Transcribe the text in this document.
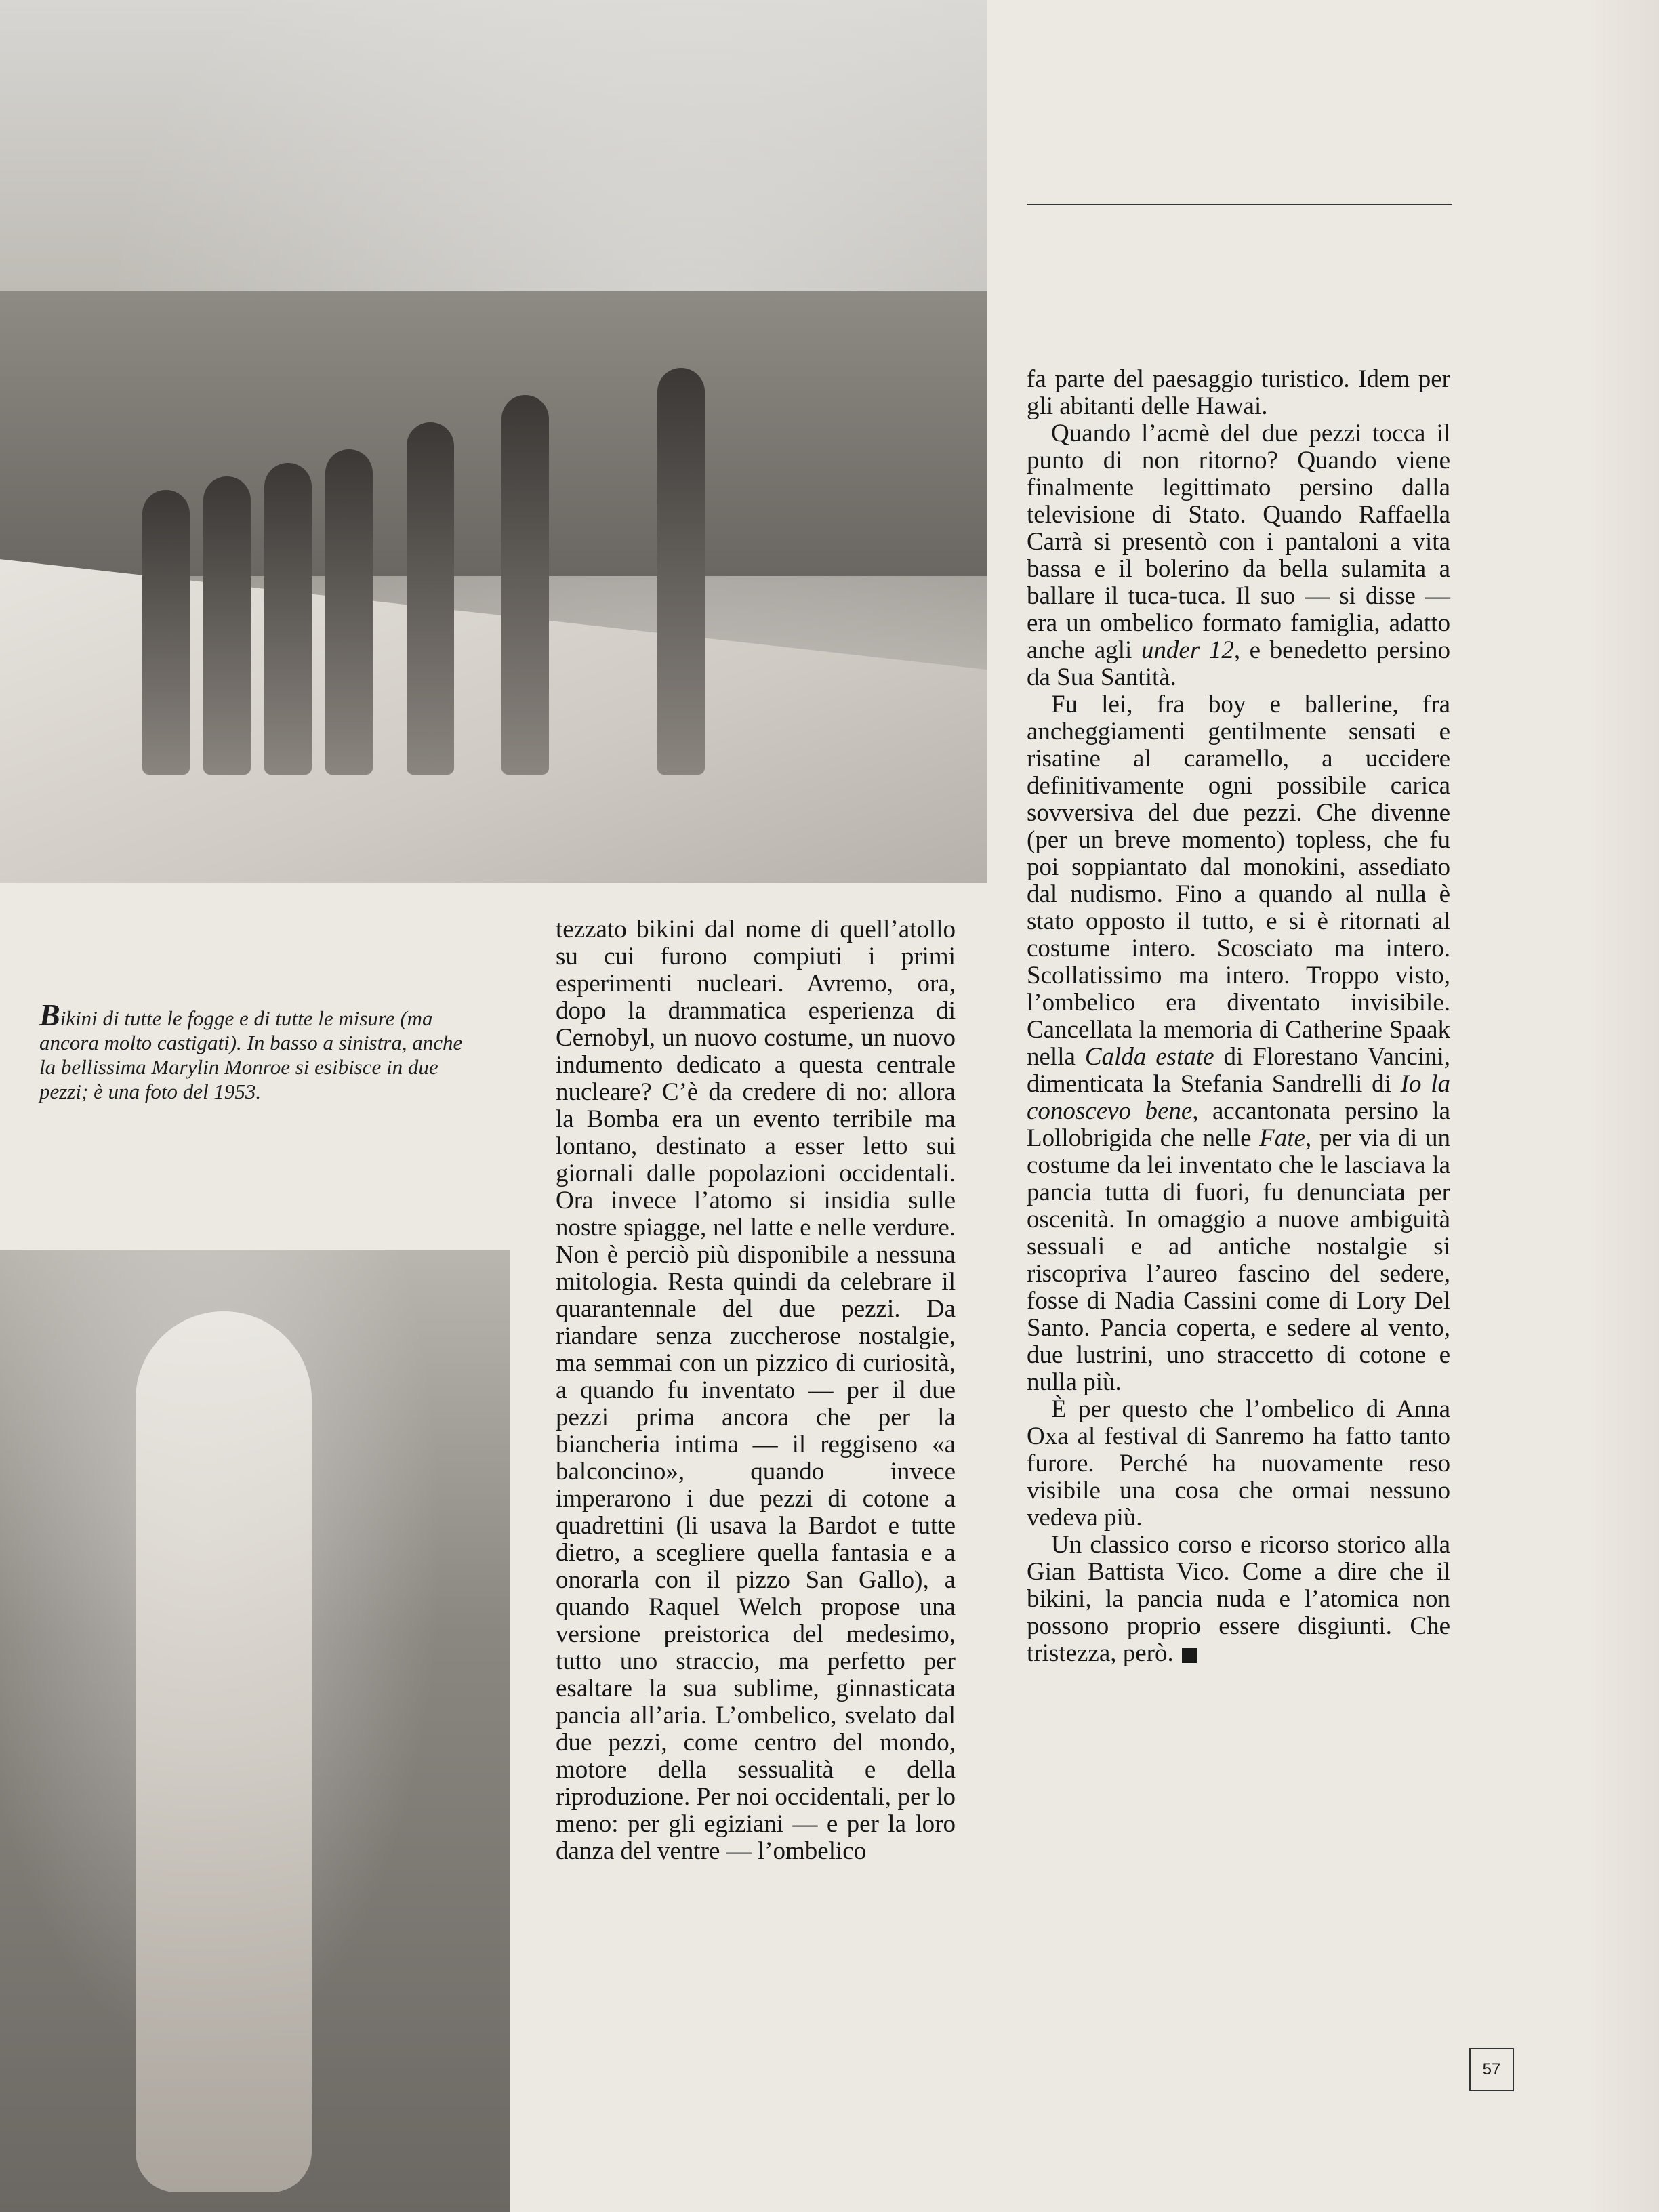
Bikini di tutte le fogge e di tutte le misure (ma ancora molto castigati). In basso a sinistra, anche la bellissima Marylin Monroe si esibisce in due pezzi; è una foto del 1953.

tezzato bikini dal nome di quell’atollo su cui furono compiuti i primi esperimenti nucleari. Avremo, ora, dopo la drammatica esperienza di Cernobyl, un nuovo costume, un nuovo indumento dedicato a questa centrale nucleare? C’è da credere di no: allora la Bomba era un evento terribile ma lontano, destinato a esser letto sui giornali dalle popolazioni occidentali. Ora invece l’atomo si insidia sulle nostre spiagge, nel latte e nelle verdure. Non è perciò più disponibile a nessuna mitologia. Resta quindi da celebrare il quarantennale del due pezzi. Da riandare senza zuccherose nostalgie, ma semmai con un pizzico di curiosità, a quando fu inventato — per il due pezzi prima ancora che per la biancheria intima — il reggiseno «a balconcino», quando invece imperarono i due pezzi di cotone a quadrettini (li usava la Bardot e tutte dietro, a scegliere quella fantasia e a onorarla con il pizzo San Gallo), a quando Raquel Welch propose una versione preistorica del medesimo, tutto uno straccio, ma perfetto per esaltare la sua sublime, ginnasticata pancia all’aria. L’ombelico, svelato dal due pezzi, come centro del mondo, motore della sessualità e della riproduzione. Per noi occidentali, per lo meno: per gli egiziani — e per la loro danza del ventre — l’ombelico

fa parte del paesaggio turistico. Idem per gli abitanti delle Hawai.

Quando l’acmè del due pezzi tocca il punto di non ritorno? Quando viene finalmente legittimato persino dalla televisione di Stato. Quando Raffaella Carrà si presentò con i pantaloni a vita bassa e il bolerino da bella sulamita a ballare il tuca-tuca. Il suo — si disse — era un ombelico formato famiglia, adatto anche agli under 12, e benedetto persino da Sua Santità.

Fu lei, fra boy e ballerine, fra ancheggiamenti gentilmente sensati e risatine al caramello, a uccidere definitivamente ogni possibile carica sovversiva del due pezzi. Che divenne (per un breve momento) topless, che fu poi soppiantato dal monokini, assediato dal nudismo. Fino a quando al nulla è stato opposto il tutto, e si è ritornati al costume intero. Scosciato ma intero. Scollatissimo ma intero. Troppo visto, l’ombelico era diventato invisibile. Cancellata la memoria di Catherine Spaak nella Calda estate di Florestano Vancini, dimenticata la Stefania Sandrelli di Io la conoscevo bene, accantonata persino la Lollobrigida che nelle Fate, per via di un costume da lei inventato che le lasciava la pancia tutta di fuori, fu denunciata per oscenità. In omaggio a nuove ambiguità sessuali e ad antiche nostalgie si riscopriva l’aureo fascino del sedere, fosse di Nadia Cassini come di Lory Del Santo. Pancia coperta, e sedere al vento, due lustrini, uno straccetto di cotone e nulla più.

È per questo che l’ombelico di Anna Oxa al festival di Sanremo ha fatto tanto furore. Perché ha nuovamente reso visibile una cosa che ormai nessuno vedeva più.

Un classico corso e ricorso storico alla Gian Battista Vico. Come a dire che il bikini, la pancia nuda e l’atomica non possono proprio essere disgiunti. Che tristezza, però.

57
